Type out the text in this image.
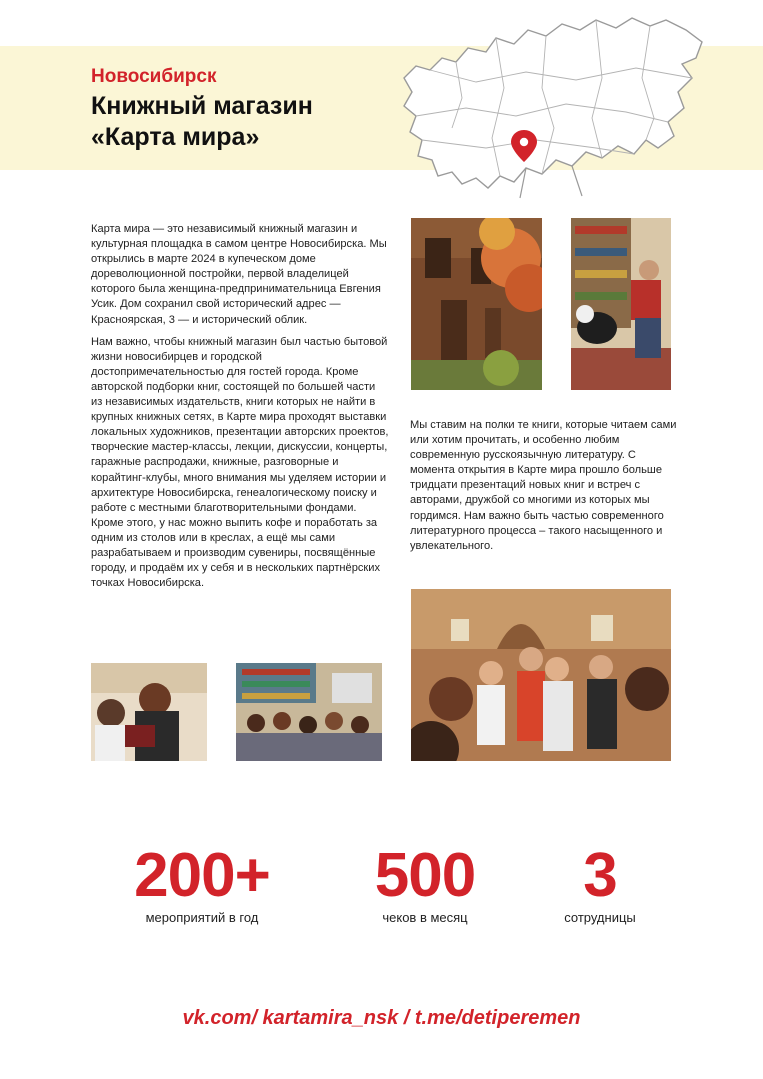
Новосибирск
Книжный магазин
«Карта мира»

Карта мира — это независимый книжный магазин и культурная площадка в самом центре Новосибирска. Мы открылись в марте 2024 в купеческом доме дореволюционной постройки, первой владелицей которого была женщина-предпринимательница Евгения Усик. Дом сохранил свой исторический адрес — Красноярская, 3 — и исторический облик.

Нам важно, чтобы книжный магазин был частью бытовой жизни новосибирцев и городской достопримечательностью для гостей города. Кроме авторской подборки книг, состоящей по большей части из независимых издательств, книги которых не найти в крупных книжных сетях, в Карте мира проходят выставки локальных художников, презентации авторских проектов, творческие мастер-классы, лекции, дискуссии, концерты, гаражные распродажи, книжные, разговорные и корайтинг-клубы, много внимания мы уделяем истории и архитектуре Новосибирска, генеалогическому поиску и работе с местными благотворительными фондами. Кроме этого, у нас можно выпить кофе и поработать за одним из столов или в креслах, а ещё мы сами разрабатываем и производим сувениры, посвящённые городу, и продаём их у себя и в нескольких партнёрских точках Новосибирска.

Мы ставим на полки те книги, которые читаем сами или хотим прочитать, и особенно любим современную русскоязычную литературу. С момента открытия в Карте мира прошло больше тридцати презентаций новых книг и встреч с авторами, дружбой со многими из которых мы гордимся. Нам важно быть частью современного литературного процесса – такого насыщенного и увлекательного.

200+
мероприятий в год
500
чеков в месяц
3
сотрудницы
vk.com/ kartamira_nsk / t.me/detiperemen
